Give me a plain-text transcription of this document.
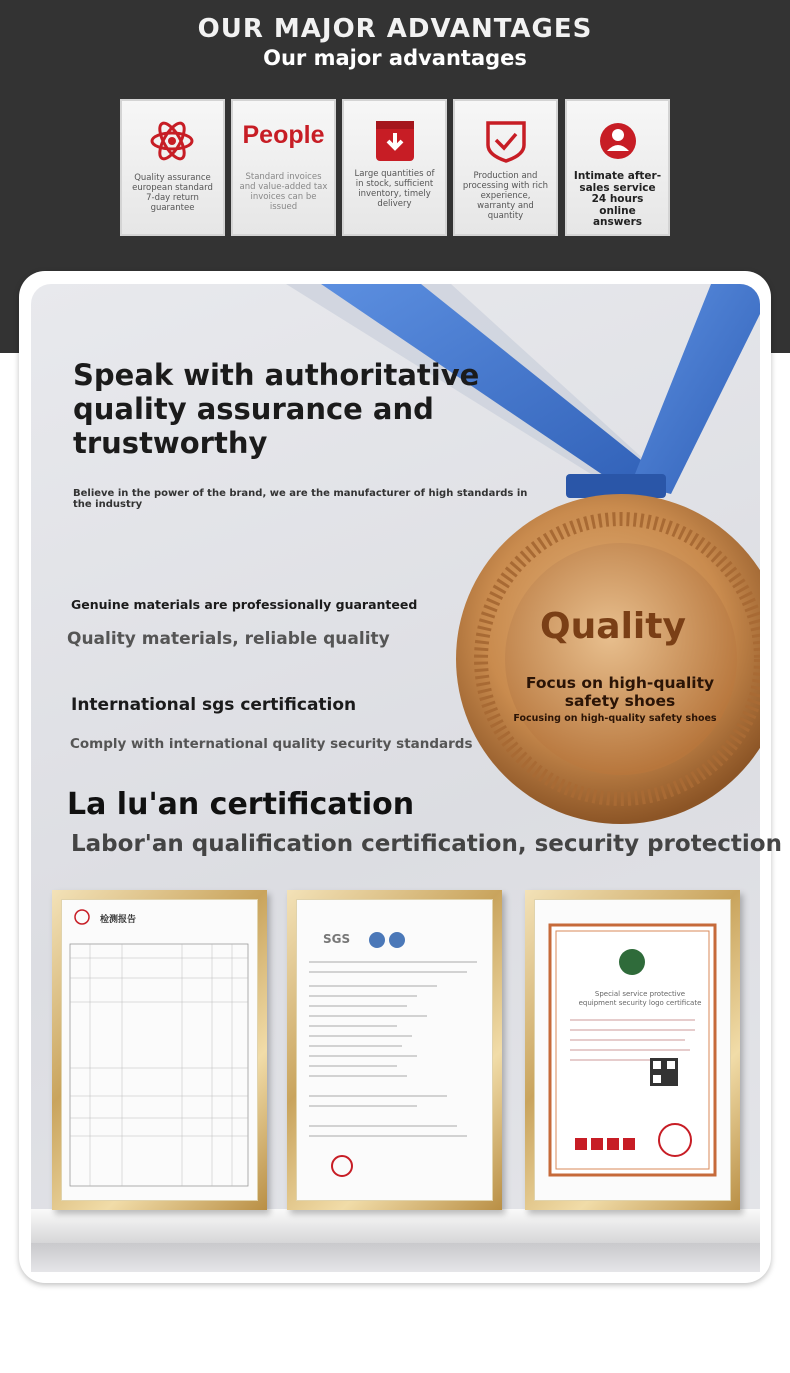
OUR MAJOR ADVANTAGES
Our major advantages
Quality assurance european standard 7-day return guarantee
People
Standard invoices and value-added tax invoices can be issued
Large quantities of in stock, sufficient inventory, timely delivery
Production and processing with rich experience, warranty and quantity
Intimate after-sales service 24 hours online answers
Speak with authoritative quality assurance and trustworthy
Believe in the power of the brand, we are the manufacturer of high standards in the industry
Genuine materials are professionally guaranteed
Quality materials, reliable quality
International sgs certification
Comply with international quality security standards
La lu'an certification
Labor'an qualification certification, security protection
Quality
Focus on high-quality safety shoes
Focusing on high-quality safety shoes
检测报告
SGS
Special service protective equipment security logo certificate
